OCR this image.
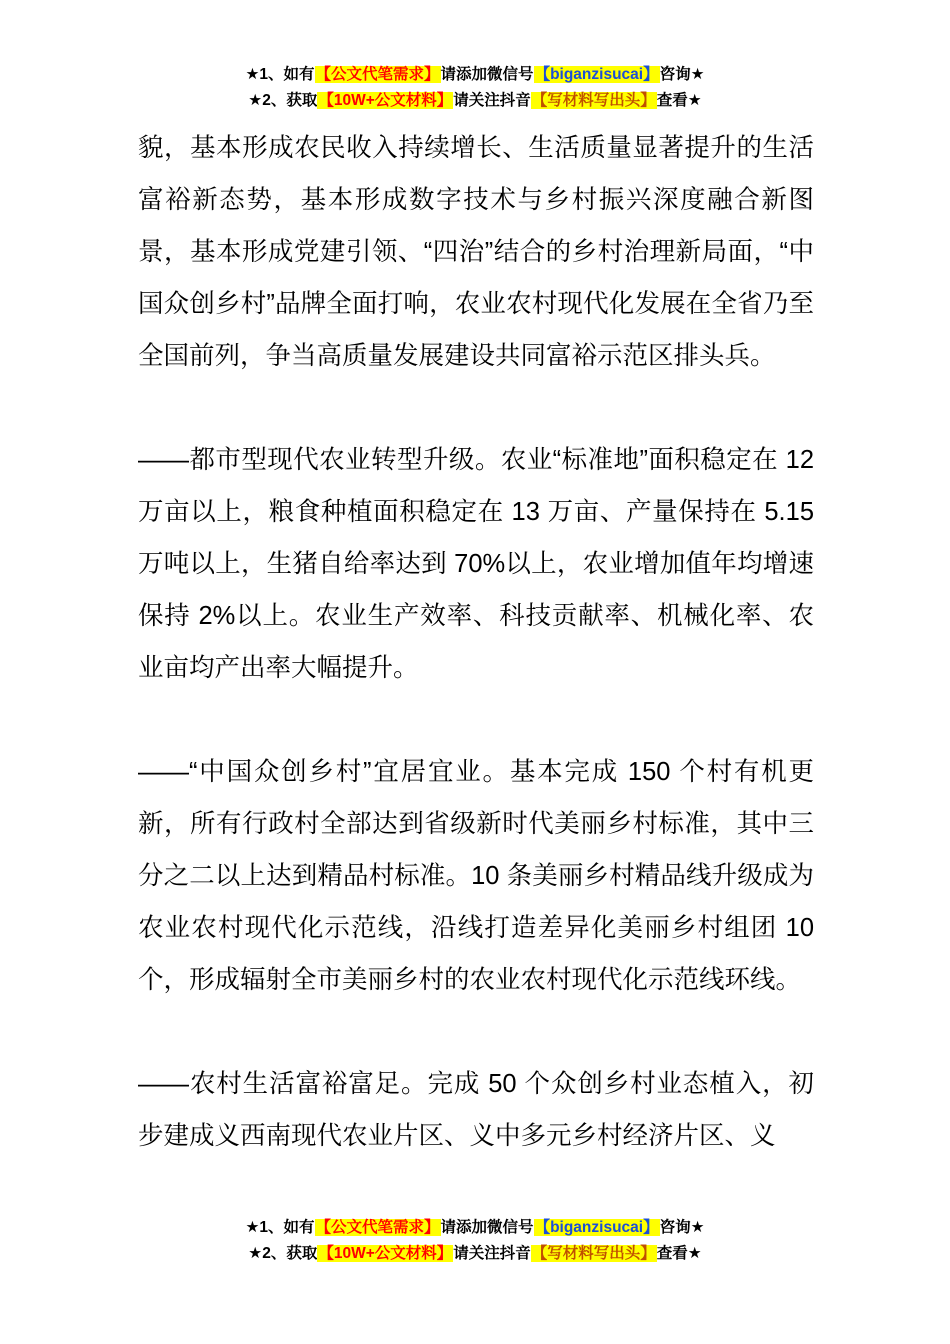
★1、如有【公文代笔需求】请添加微信号【biganzisucai】咨询★
★2、获取【10W+公文材料】请关注抖音【写材料写出头】查看★

貌，基本形成农民收入持续增长、生活质量显著提升的生活富裕新态势，基本形成数字技术与乡村振兴深度融合新图景，基本形成党建引领、“四治”结合的乡村治理新局面，“中国众创乡村”品牌全面打响，农业农村现代化发展在全省乃至全国前列，争当高质量发展建设共同富裕示范区排头兵。

——都市型现代农业转型升级。农业“标准地”面积稳定在 12 万亩以上，粮食种植面积稳定在 13 万亩、产量保持在 5.15 万吨以上，生猪自给率达到 70%以上，农业增加值年均增速保持 2%以上。农业生产效率、科技贡献率、机械化率、农业亩均产出率大幅提升。

——“中国众创乡村”宜居宜业。基本完成 150 个村有机更新，所有行政村全部达到省级新时代美丽乡村标准，其中三分之二以上达到精品村标准。10 条美丽乡村精品线升级成为农业农村现代化示范线，沿线打造差异化美丽乡村组团 10 个，形成辐射全市美丽乡村的农业农村现代化示范线环线。

——农村生活富裕富足。完成 50 个众创乡村业态植入，初步建成义西南现代农业片区、义中多元乡村经济片区、义

★1、如有【公文代笔需求】请添加微信号【biganzisucai】咨询★
★2、获取【10W+公文材料】请关注抖音【写材料写出头】查看★
